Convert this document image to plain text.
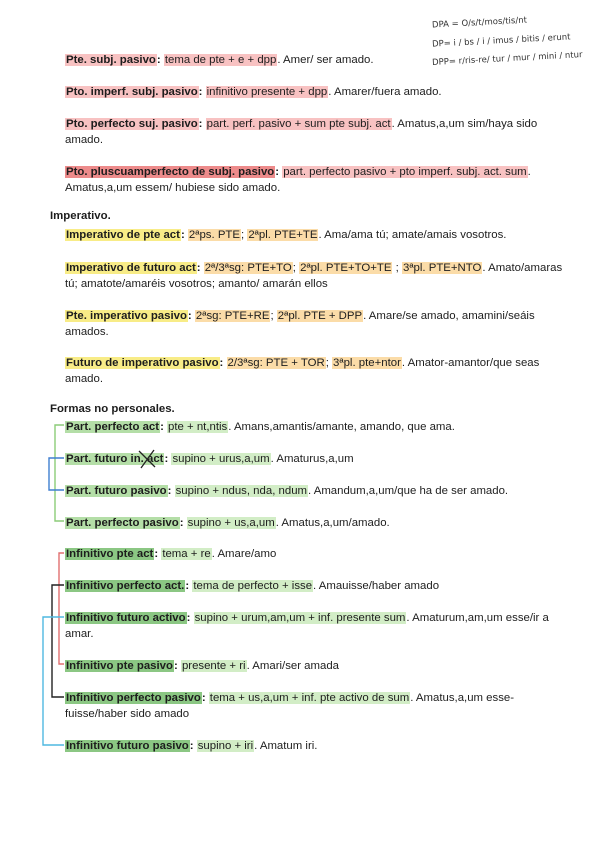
DPA = O/s/t/mos/tis/nt
DP= i / bs / i / imus / bitis / erunt
DPP= r/ris-re/ tur / mur / mini / ntur
Pte. subj. pasivo: tema de pte + e + dpp. Amer/ ser amado.
Pto. imperf. subj. pasivo: infinitivo presente + dpp. Amarer/fuera amado.
Pto. perfecto suj. pasivo: part. perf. pasivo + sum pte subj. act. Amatus,a,um sim/haya sido amado.
Pto. pluscuamperfecto de subj. pasivo: part. perfecto pasivo + pto imperf. subj. act. sum. Amatus,a,um essem/ hubiese sido amado.
Imperativo.
Imperativo de pte act: 2ªps. PTE; 2ªpl. PTE+TE. Ama/ama tú; amate/amais vosotros.
Imperativo de futuro act: 2ª/3ªsg: PTE+TO; 2ªpl. PTE+TO+TE ; 3ªpl. PTE+NTO. Amato/amaras tú; amatote/amaréis vosotros; amanto/ amarán ellos
Pte. imperativo pasivo: 2ªsg: PTE+RE; 2ªpl. PTE + DPP. Amare/se amado, amamini/seáis amados.
Futuro de imperativo pasivo: 2/3ªsg: PTE + TOR; 3ªpl. pte+ntor. Amator-amantor/que seas amado.
Formas no personales.
Part. perfecto act: pte + nt,ntis. Amans,amantis/amante, amando, que ama.
Part. futuro in. act: supino + urus,a,um. Amaturus,a,um
Part. futuro pasivo: supino + ndus, nda, ndum. Amandum,a,um/que ha de ser amado.
Part. perfecto pasivo: supino + us,a,um. Amatus,a,um/amado.
Infinitivo pte act: tema + re. Amare/amo
Infinitivo perfecto act.: tema de perfecto + isse. Amauisse/haber amado
Infinitivo futuro activo: supino + urum,am,um + inf. presente sum. Amaturum,am,um esse/ir a amar.
Infinitivo pte pasivo: presente + ri. Amari/ser amada
Infinitivo perfecto pasivo: tema + us,a,um + inf. pte activo de sum. Amatus,a,um esse-fuisse/haber sido amado
Infinitivo futuro pasivo: supino + iri. Amatum iri.
